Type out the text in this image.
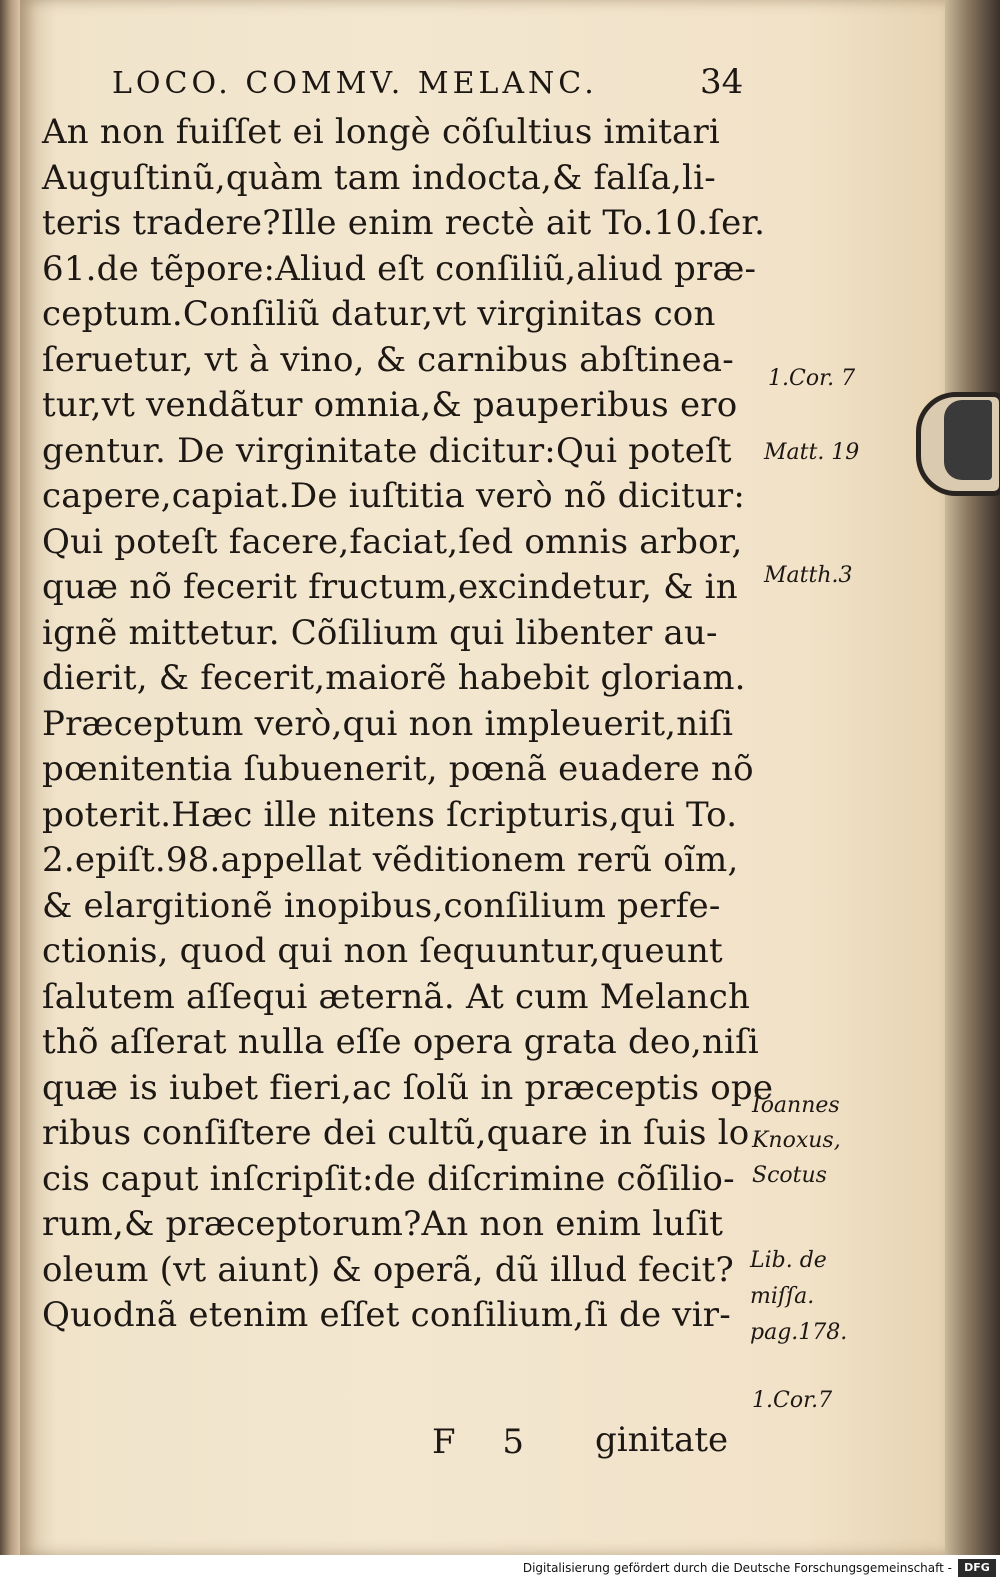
LOCO. COMMV. MELANC.	34
An non fuiſſet ei longè cõſultius imitari
Auguſtinũ,quàm tam indocta,& falſa,li-
teris tradere?Ille enim rectè ait To.10.ſer.
61.de tẽpore:Aliud eſt conſiliũ,aliud præ-
ceptum.Conſiliũ datur,vt virginitas con
ſeruetur, vt à vino, & carnibus abſtinea-
tur,vt vendãtur omnia,& pauperibus ero
gentur. De virginitate dicitur:Qui poteſt
capere,capiat.De iuſtitia verò nõ dicitur:
Qui poteſt facere,faciat,ſed omnis arbor,
quæ nõ fecerit fructum,excindetur, & in
ignẽ mittetur. Cõſilium qui libenter au-
dierit, & fecerit,maiorẽ habebit gloriam.
Præceptum verò,qui non impleuerit,niſi
pœnitentia ſubuenerit, pœnã euadere nõ
poterit.Hæc ille nitens ſcripturis,qui To.
2.epiſt.98.appellat vẽditionem rerũ oĩm,
& elargitionẽ inopibus,conſilium perfe-
ctionis, quod qui non ſequuntur,queunt
ſalutem aſſequi æternã. At cum Melanch
thõ aſſerat nulla eſſe opera grata deo,niſi
quæ is iubet fieri,ac ſolũ in præceptis ope
ribus conſiſtere dei cultũ,quare in ſuis lo
cis caput inſcripſit:de diſcrimine cõſilio-
rum,& præceptorum?An non enim luſit
oleum (vt aiunt) & operã, dũ illud fecit?
Quodnã etenim eſſet conſilium,ſi de vir-
1.Cor. 7
Matt. 19
Matth.3
Ioannes
Knoxus,
Scotus
Lib. de
miſſa.
pag.178.
1.Cor.7
F 5 ginitate
Digitalisierung gefördert durch die Deutsche Forschungsgemeinschaft -	DFG
